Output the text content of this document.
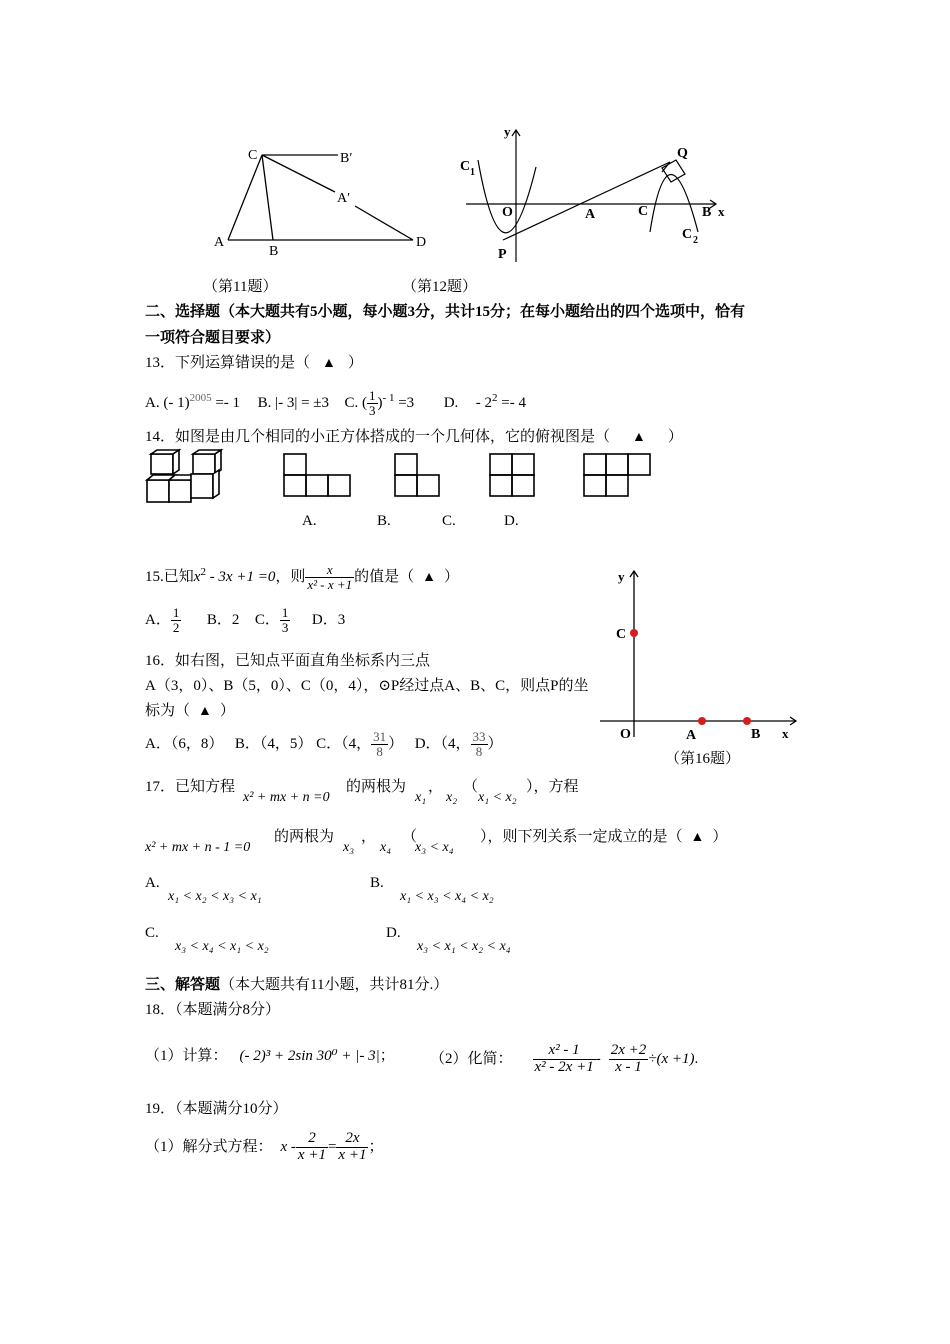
C	B′
A′
A
B
D
（第11题）
y
C 1
Q
O	A	C	B x
C 2
P
（第12题）
二、选择题（本大题共有5小题，每小题3分，共计15分；在每小题给出的四个选项中，恰有
一项符合题目要求）
13．下列运算错误的是（ ▲ ）
A. (- 1)$^{2005}$ =- 1 B. |- 3| = ±3 C. ( $\frac{1}{3} )^{- 1} =3$ D. - $2^2 =- 4$
14．如图是由几个相同的小正方体搭成的一个几何体，它的俯视图是（ ▲ ）
A.	B.	C.	D.
15.已知$x^2 - 3x +1 =0$，则 $\frac{x}{\text{x² - x +1}}$ 的值是（ ▲ ）
A． $\frac{1}{2}$ B．2 C． $\frac{1}{3}$ D．3
y
C
O	A	B x
（第16题）
16．如右图，已知点平面直角坐标系内三点
A（3，0）、B（5，0）、C（0，4），⊙P经过点A、B、C，则点P的坐
标为（ ▲ ）
A．（6，8） B．（4，5） C．（4， $\frac{31}{8}$ ） D．（4， $\frac{33}{8}$ ）
17．已知方程
x² + mx + n =0
的两根为
x₁
，
x₂
（
x₁ < x₂
），方程
x² + mx + n - 1 =0
的两根为
x₃
，
x₄
（
x₃ < x₄
），则下列关系一定成立的是（ ▲ ）
A.
x₁ < x₂ < x₃ < x₁
B.
x₁ < x₃ < x₄ < x₂
C.
x₃ < x₄ < x₁ < x₂
D.
x₃ < x₁ < x₂ < x₄
三、解答题（本大题共有11小题，共计81分.）
18．（本题满分8分）
（1）计算： (- 2)³ + 2sin 30⁰ + |- 3|； （2）化简： $\frac{\text{x² - 1}}{\text{x² - 2x +1}} - \frac{2x +2}{x - 1} \div(x +1)$.
19．（本题满分10分）
（1）解分式方程： $x - \frac{2}{x +1} = \frac{2x}{x +1}$ ；
